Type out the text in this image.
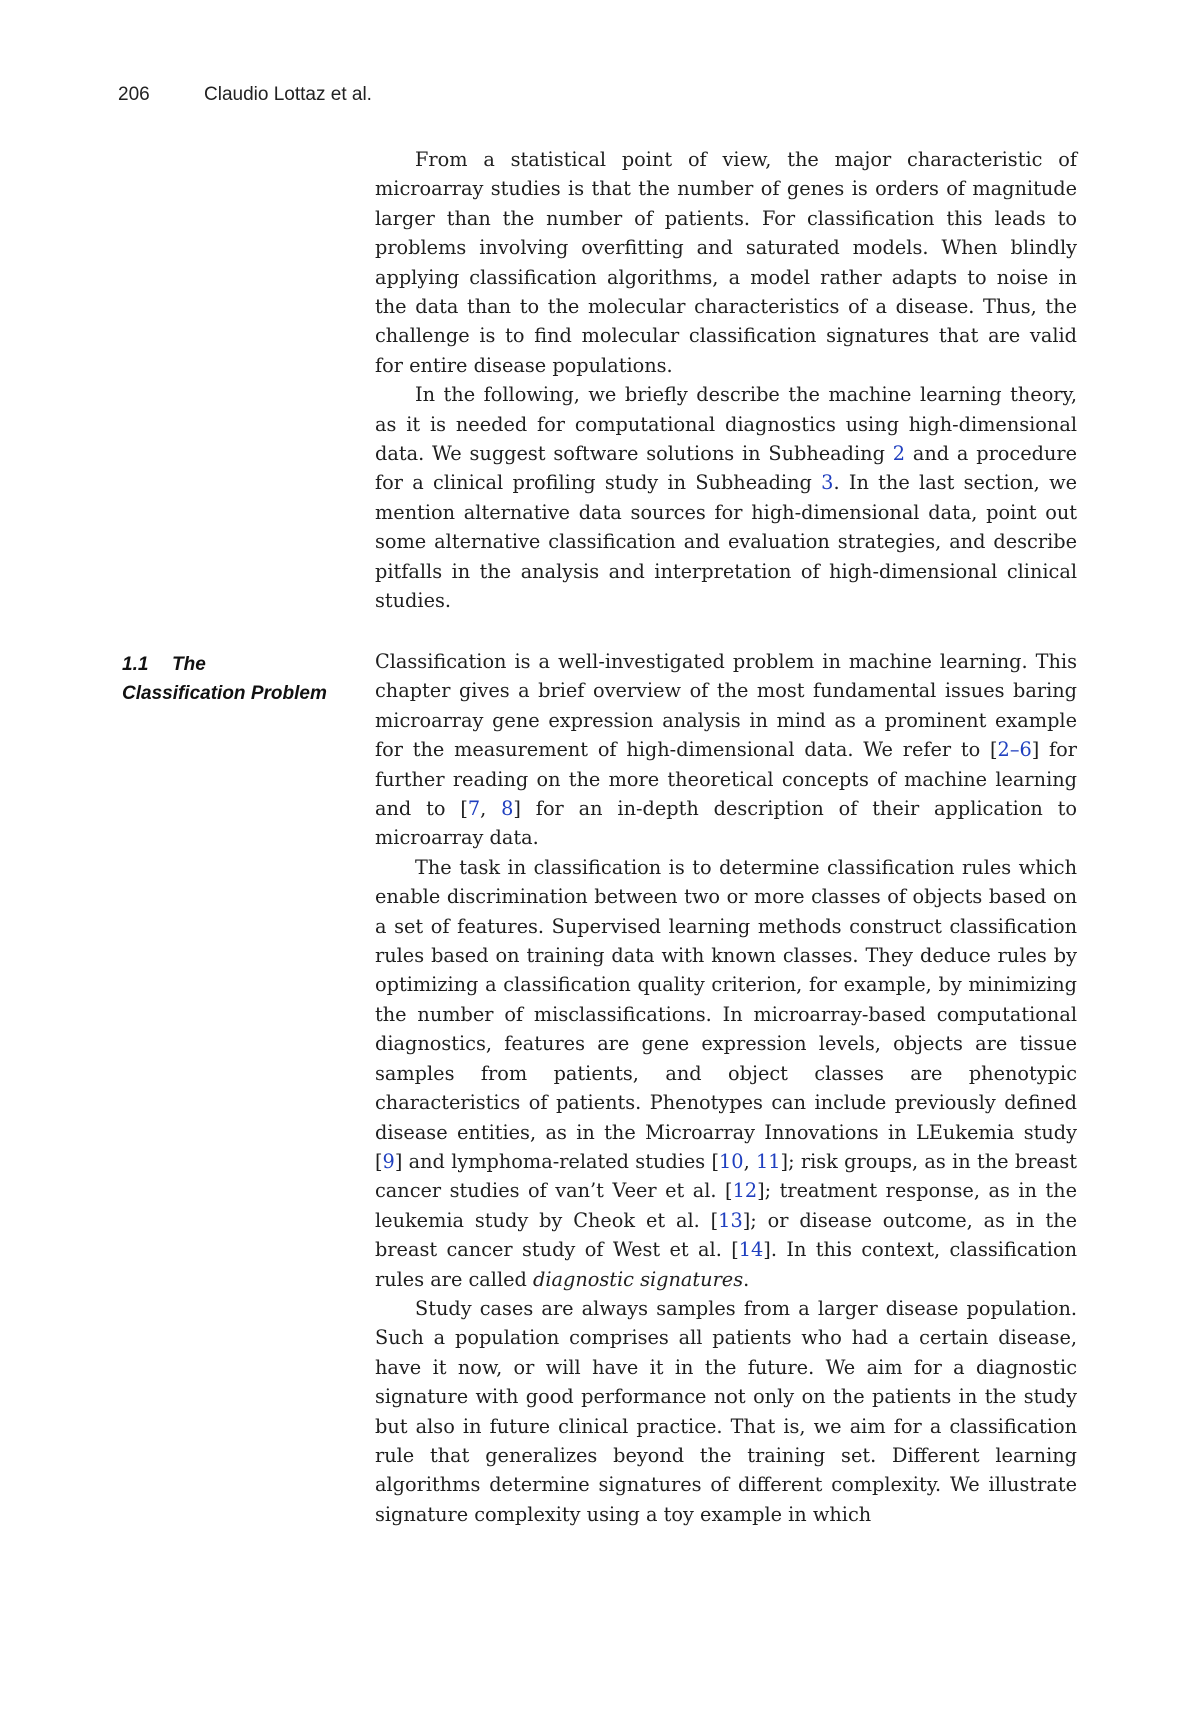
206	Claudio Lottaz et al.

From a statistical point of view, the major characteristic of microarray studies is that the number of genes is orders of magnitude larger than the number of patients. For classification this leads to problems involving overfitting and saturated models. When blindly applying classification algorithms, a model rather adapts to noise in the data than to the molecular characteristics of a disease. Thus, the challenge is to find molecular classification signatures that are valid for entire disease populations.

In the following, we briefly describe the machine learning theory, as it is needed for computational diagnostics using high-dimensional data. We suggest software solutions in Subheading 2 and a procedure for a clinical profiling study in Subheading 3. In the last section, we mention alternative data sources for high-dimensional data, point out some alternative classification and evaluation strategies, and describe pitfalls in the analysis and interpretation of high-dimensional clinical studies.

1.1 The
Classification Problem

Classification is a well-investigated problem in machine learning. This chapter gives a brief overview of the most fundamental issues baring microarray gene expression analysis in mind as a prominent example for the measurement of high-dimensional data. We refer to [2–6] for further reading on the more theoretical concepts of machine learning and to [7, 8] for an in-depth description of their application to microarray data.

The task in classification is to determine classification rules which enable discrimination between two or more classes of objects based on a set of features. Supervised learning methods construct classification rules based on training data with known classes. They deduce rules by optimizing a classification quality criterion, for example, by minimizing the number of misclassifications. In microarray-based computational diagnostics, features are gene expression levels, objects are tissue samples from patients, and object classes are phenotypic characteristics of patients. Phenotypes can include previously defined disease entities, as in the Microarray Innovations in LEukemia study [9] and lymphoma-related studies [10, 11]; risk groups, as in the breast cancer studies of van’t Veer et al. [12]; treatment response, as in the leukemia study by Cheok et al. [13]; or disease outcome, as in the breast cancer study of West et al. [14]. In this context, classification rules are called diagnostic signatures.

Study cases are always samples from a larger disease population. Such a population comprises all patients who had a certain disease, have it now, or will have it in the future. We aim for a diagnostic signature with good performance not only on the patients in the study but also in future clinical practice. That is, we aim for a classification rule that generalizes beyond the training set. Different learning algorithms determine signatures of different complexity. We illustrate signature complexity using a toy example in which
